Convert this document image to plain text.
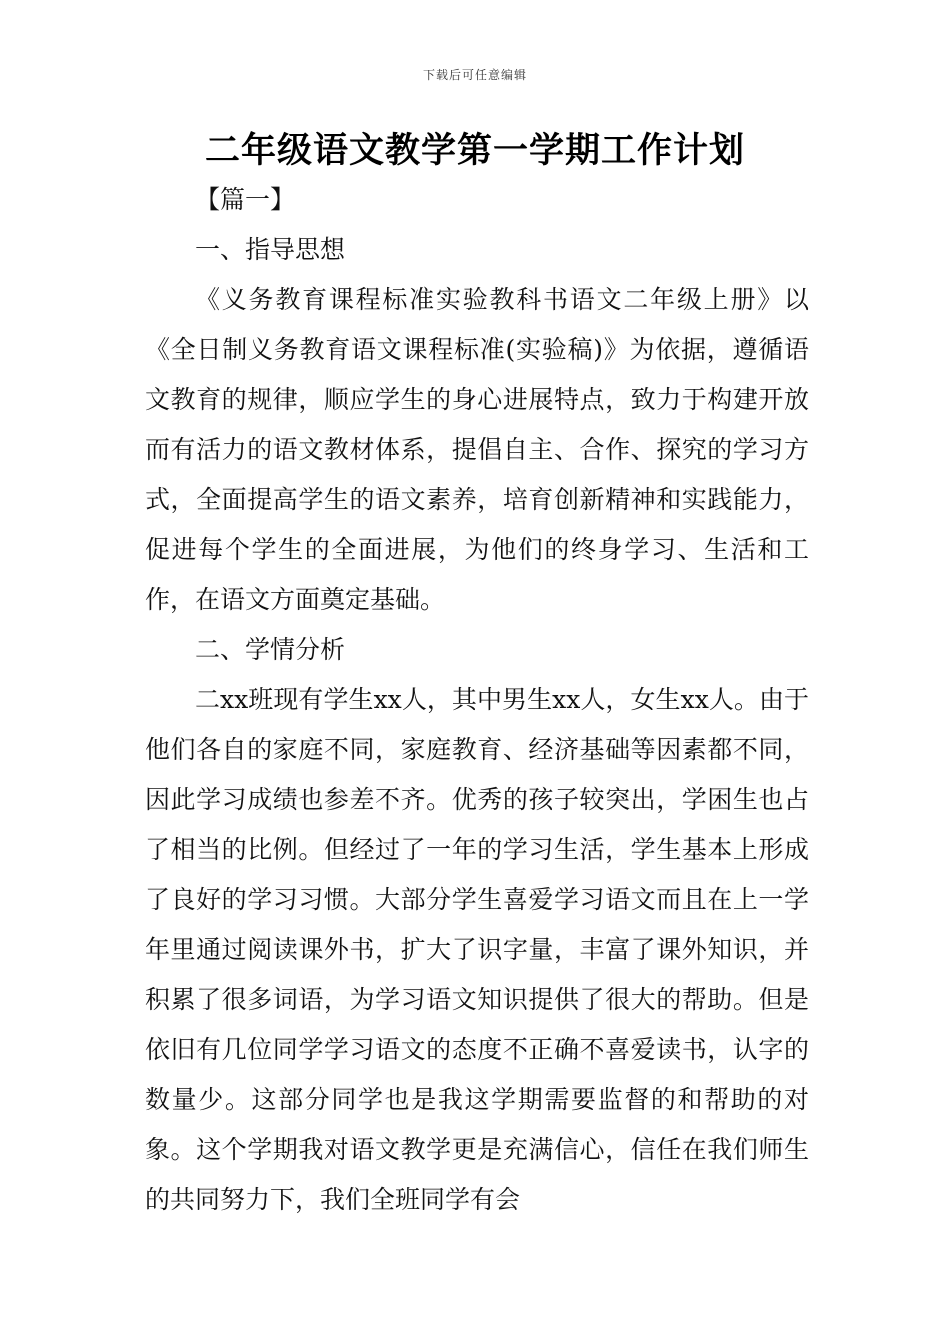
下载后可任意编辑
二年级语文教学第一学期工作计划

【篇一】

一、指导思想

《义务教育课程标准实验教科书语文二年级上册》以《全日制义务教育语文课程标准(实验稿)》为依据，遵循语文教育的规律，顺应学生的身心进展特点，致力于构建开放而有活力的语文教材体系，提倡自主、合作、探究的学习方式，全面提高学生的语文素养，培育创新精神和实践能力，促进每个学生的全面进展，为他们的终身学习、生活和工作，在语文方面奠定基础。

二、学情分析

二xx班现有学生xx人，其中男生xx人，女生xx人。由于他们各自的家庭不同，家庭教育、经济基础等因素都不同，因此学习成绩也参差不齐。优秀的孩子较突出，学困生也占了相当的比例。但经过了一年的学习生活，学生基本上形成了良好的学习习惯。大部分学生喜爱学习语文而且在上一学年里通过阅读课外书，扩大了识字量，丰富了课外知识，并积累了很多词语，为学习语文知识提供了很大的帮助。但是依旧有几位同学学习语文的态度不正确不喜爱读书，认字的数量少。这部分同学也是我这学期需要监督的和帮助的对象。这个学期我对语文教学更是充满信心，信任在我们师生的共同努力下，我们全班同学有会
